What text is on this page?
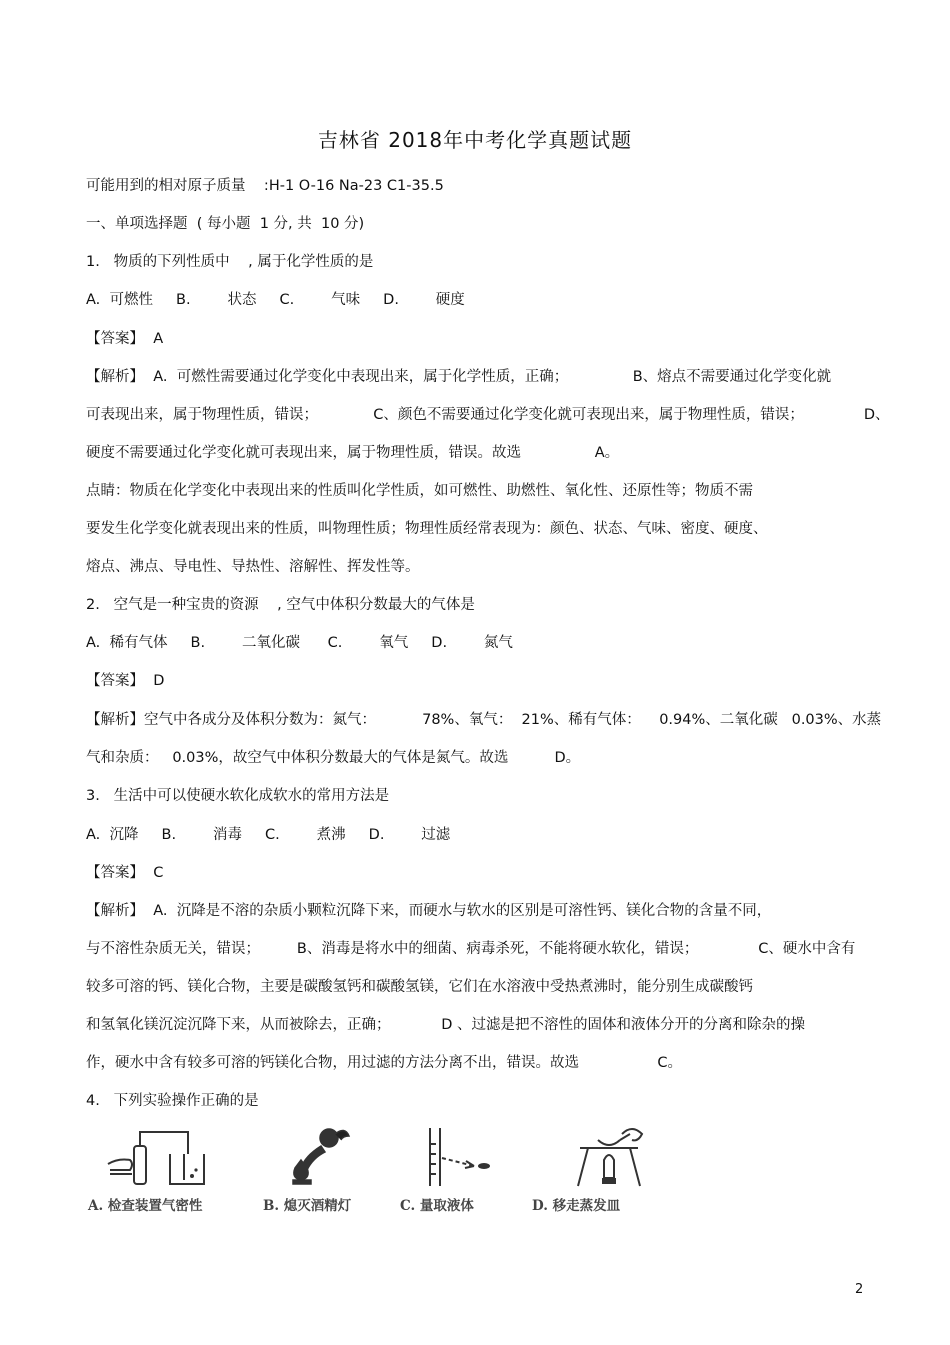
吉林省 2018年中考化学真题试题
可能用到的相对原子质量    :H-1 O-16 Na-23 C1-35.5
一、单项选择题  ( 每小题  1 分, 共  10 分)
1.   物质的下列性质中    , 属于化学性质的是
A.  可燃性     B.        状态     C.        气味     D.        硬度
【答案】  A
【解析】  A.  可燃性需要通过化学变化中表现出来，属于化学性质，正确；              B、熔点不需要通过化学变化就
可表现出来，属于物理性质，错误；            C、颜色不需要通过化学变化就可表现出来，属于物理性质，错误；             D、
硬度不需要通过化学变化就可表现出来，属于物理性质，错误。故选                A。
点睛：物质在化学变化中表现出来的性质叫化学性质，如可燃性、助燃性、氧化性、还原性等；物质不需
要发生化学变化就表现出来的性质，叫物理性质；物理性质经常表现为：颜色、状态、气味、密度、硬度、
熔点、沸点、导电性、导热性、溶解性、挥发性等。
2.   空气是一种宝贵的资源    , 空气中体积分数最大的气体是
A.  稀有气体     B.        二氧化碳      C.        氧气     D.        氮气
【答案】  D
【解析】空气中各成分及体积分数为：氮气：          78%、氧气：  21%、稀有气体：    0.94%、二氧化碳   0.03%、水蒸
气和杂质：   0.03%，故空气中体积分数最大的气体是氮气。故选          D。
3.   生活中可以使硬水软化成软水的常用方法是
A.  沉降     B.        消毒     C.        煮沸     D.        过滤
【答案】  C
【解析】  A.  沉降是不溶的杂质小颗粒沉降下来，而硬水与软水的区别是可溶性钙、镁化合物的含量不同，
与不溶性杂质无关，错误；        B、消毒是将水中的细菌、病毒杀死，不能将硬水软化，错误；             C、硬水中含有
较多可溶的钙、镁化合物，主要是碳酸氢钙和碳酸氢镁，它们在水溶液中受热煮沸时，能分别生成碳酸钙
和氢氧化镁沉淀沉降下来，从而被除去，正确；           D 、过滤是把不溶性的固体和液体分开的分离和除杂的操
作，硬水中含有较多可溶的钙镁化合物，用过滤的方法分离不出，错误。故选                 C。
4.   下列实验操作正确的是
A. 检查装置气密性	B. 熄灭酒精灯	C. 量取液体	D. 移走蒸发皿
2
